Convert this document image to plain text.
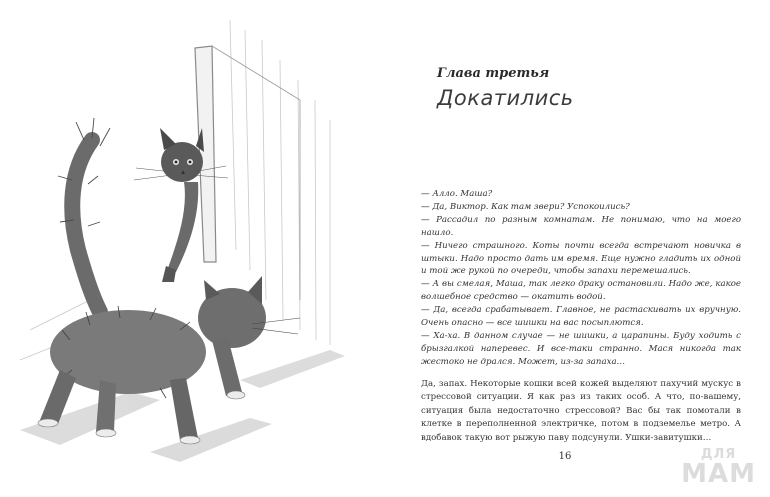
Глава третья
Докатились

— Алло. Маша?

— Да, Виктор. Как там звери? Успокоились?

— Рассадил по разным комнатам. Не понимаю, что на моего нашло.

— Ничего страшного. Коты почти всегда встречают новичка в штыки. Надо просто дать им время. Еще нужно гладить их одной и той же рукой по очереди, чтобы запахи перемешались.

— А вы смелая, Маша, так легко драку остановили. Надо же, какое волшебное средство — окатить водой.

— Да, всегда срабатывает. Главное, не растаскивать их вручную. Очень опасно — все шишки на вас посыплются.

— Ха-ха. В данном случае — не шишки, а царапины. Буду ходить с брызгалкой наперевес. И все-таки странно. Мася никогда так жестоко не дрался. Может, из-за запаха…

Да, запах. Некоторые кошки всей кожей выделяют пахучий мускус в стрессовой ситуации. Я как раз из таких особ. А что, по-вашему, ситуация была недостаточно стрессовой? Вас бы так помотали в клетке в переполненной электричке, потом в подземелье метро. А вдобавок такую вот рыжую паву подсунули. Ушки-завитушки…

16	ДЛЯ
МАМ
